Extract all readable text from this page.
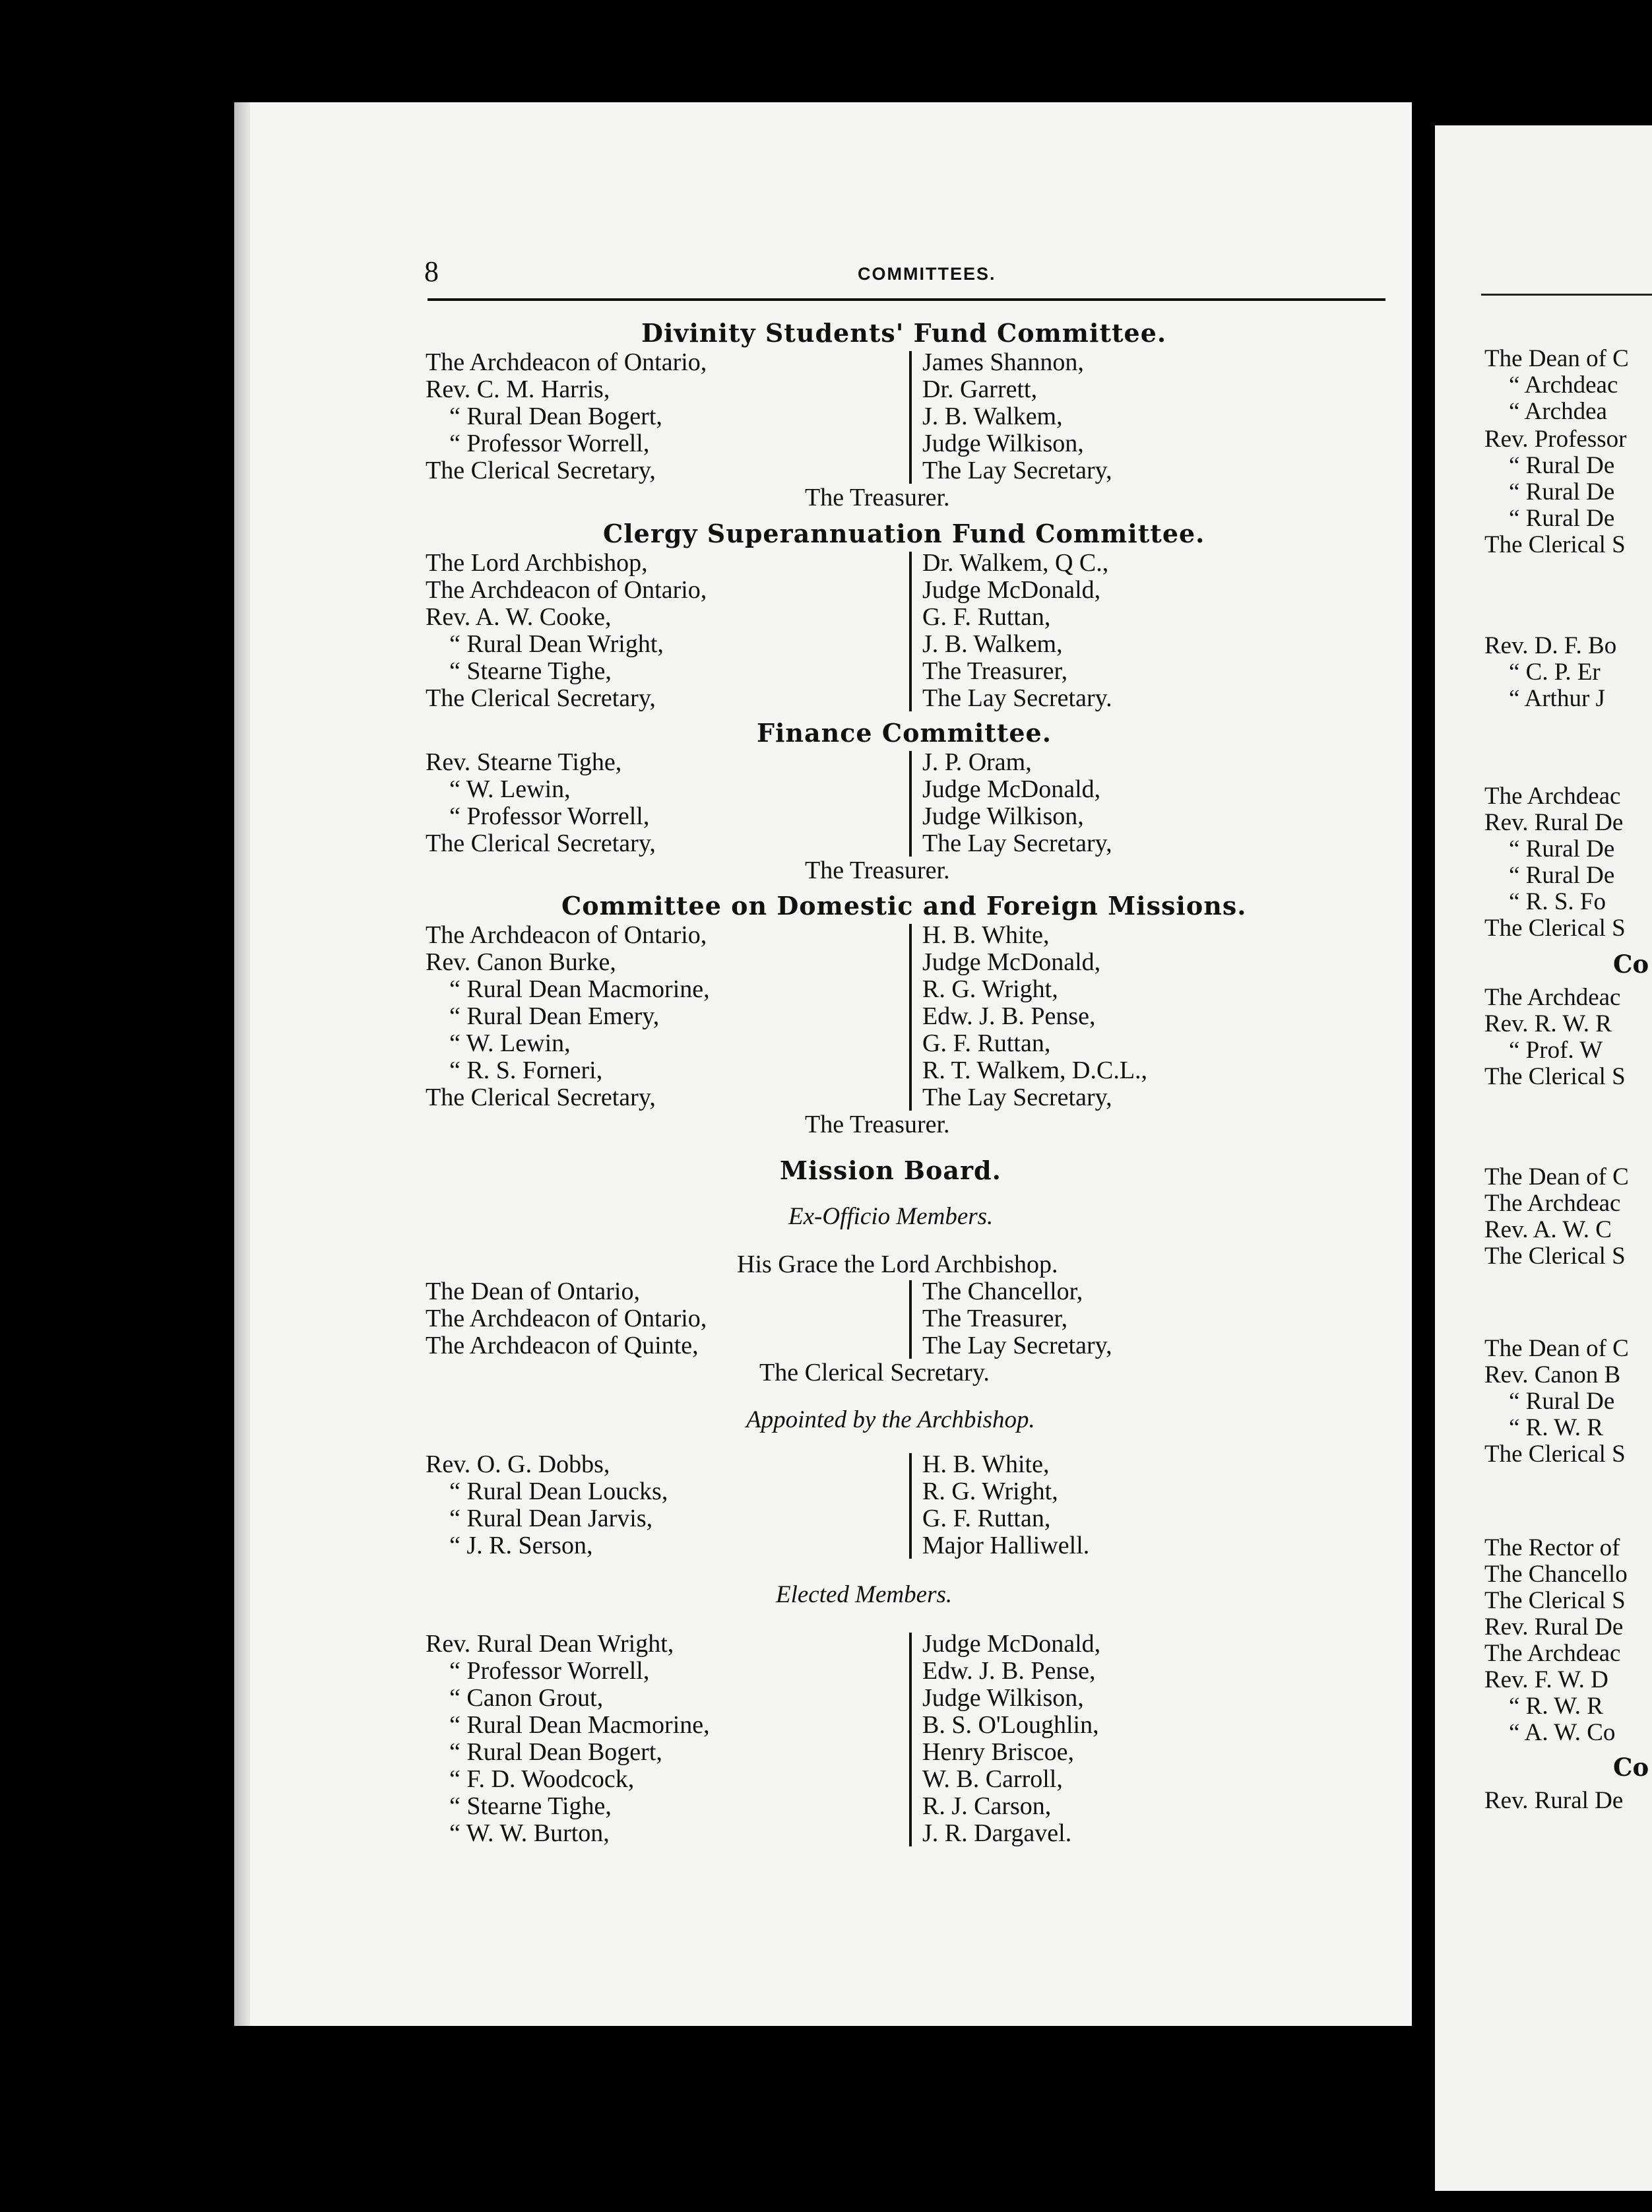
The Dean of C
“ Archdeac
“ Archdea
Rev. Professor
“ Rural De
“ Rural De
“ Rural De
The Clerical S
Rev. D. F. Bo
“ C. P. Er
“ Arthur J
The Archdeac
Rev. Rural De
“ Rural De
“ Rural De
“ R. S. Fo
The Clerical S
Co
The Archdeac
Rev. R. W. R
“ Prof. W
The Clerical S
The Dean of C
The Archdeac
Rev. A. W. C
The Clerical S
The Dean of C
Rev. Canon B
“ Rural De
“ R. W. R
The Clerical S
The Rector of
The Chancello
The Clerical S
Rev. Rural De
The Archdeac
Rev. F. W. D
“ R. W. R
“ A. W. Co
Co
Rev. Rural De
8	COMMITTEES.
Divinity Students' Fund Committee.
The Archdeacon of Ontario,
Rev. C. M. Harris,
“ Rural Dean Bogert,
“ Professor Worrell,
The Clerical Secretary,
James Shannon,
Dr. Garrett,
J. B. Walkem,
Judge Wilkison,
The Lay Secretary,
The Treasurer.
Clergy Superannuation Fund Committee.
The Lord Archbishop,
The Archdeacon of Ontario,
Rev. A. W. Cooke,
“ Rural Dean Wright,
“ Stearne Tighe,
The Clerical Secretary,
Dr. Walkem, Q C.,
Judge McDonald,
G. F. Ruttan,
J. B. Walkem,
The Treasurer,
The Lay Secretary.
Finance Committee.
Rev. Stearne Tighe,
“ W. Lewin,
“ Professor Worrell,
The Clerical Secretary,
J. P. Oram,
Judge McDonald,
Judge Wilkison,
The Lay Secretary,
The Treasurer.
Committee on Domestic and Foreign Missions.
The Archdeacon of Ontario,
Rev. Canon Burke,
“ Rural Dean Macmorine,
“ Rural Dean Emery,
“ W. Lewin,
“ R. S. Forneri,
The Clerical Secretary,
H. B. White,
Judge McDonald,
R. G. Wright,
Edw. J. B. Pense,
G. F. Ruttan,
R. T. Walkem, D.C.L.,
The Lay Secretary,
The Treasurer.
Mission Board.
Ex-Officio Members.
His Grace the Lord Archbishop.
The Dean of Ontario,
The Archdeacon of Ontario,
The Archdeacon of Quinte,
The Chancellor,
The Treasurer,
The Lay Secretary,
The Clerical Secretary.
Appointed by the Archbishop.
Rev. O. G. Dobbs,
“ Rural Dean Loucks,
“ Rural Dean Jarvis,
“ J. R. Serson,
H. B. White,
R. G. Wright,
G. F. Ruttan,
Major Halliwell.
Elected Members.
Rev. Rural Dean Wright,
“ Professor Worrell,
“ Canon Grout,
“ Rural Dean Macmorine,
“ Rural Dean Bogert,
“ F. D. Woodcock,
“ Stearne Tighe,
“ W. W. Burton,
Judge McDonald,
Edw. J. B. Pense,
Judge Wilkison,
B. S. O'Loughlin,
Henry Briscoe,
W. B. Carroll,
R. J. Carson,
J. R. Dargavel.
